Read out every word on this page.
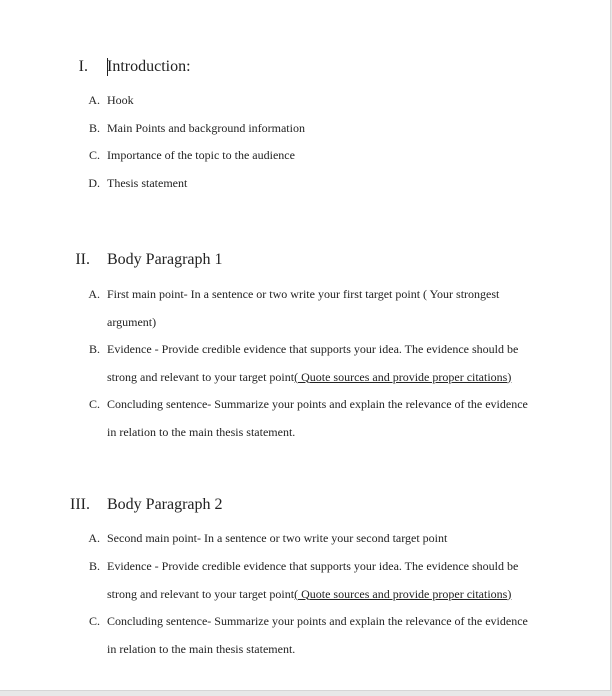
I. Introduction:
A. Hook
B. Main Points and background information
C. Importance of the topic to the audience
D. Thesis statement
II. Body Paragraph 1
A. First main point- In a sentence or two write your first target point ( Your strongest argument)
B. Evidence - Provide credible evidence that supports your idea. The evidence should be strong and relevant to your target point( Quote sources and provide proper citations)
C. Concluding sentence- Summarize your points and explain the relevance of the evidence in relation to the main thesis statement.
III. Body Paragraph 2
A. Second main point- In a sentence or two write your second target point
B. Evidence - Provide credible evidence that supports your idea. The evidence should be strong and relevant to your target point( Quote sources and provide proper citations)
C. Concluding sentence- Summarize your points and explain the relevance of the evidence in relation to the main thesis statement.
